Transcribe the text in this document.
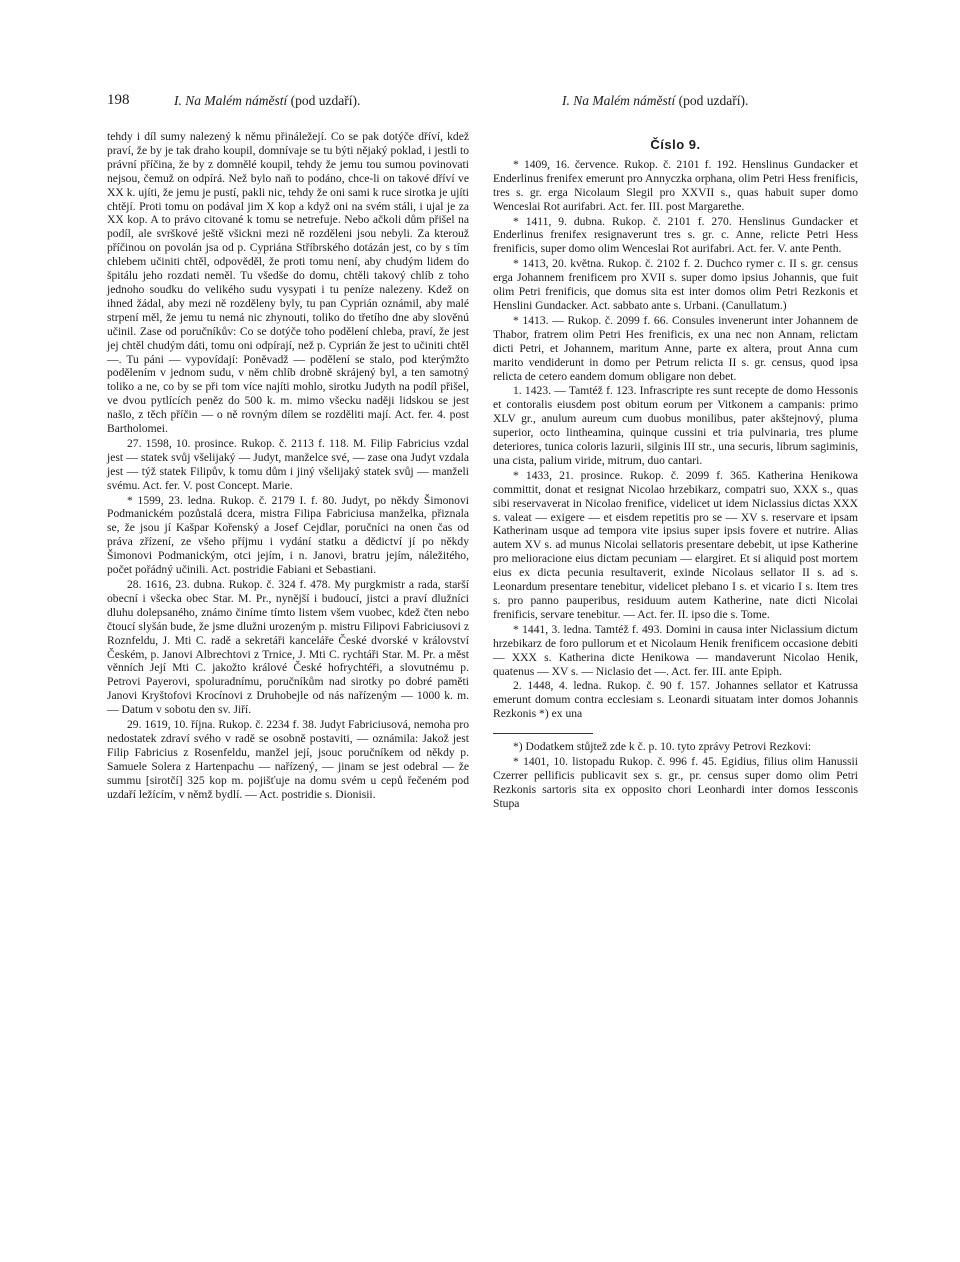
198	I. Na Malém náměstí (pod uzdaří).	I. Na Malém náměstí (pod uzdaří).

tehdy i díl sumy nalezený k němu přináležejí. Co se pak dotýče dříví, kdež praví, že by je tak draho koupil, domnívaje se tu býti nějaký poklad, i jestli to právní příčina, že by z domnělé koupil, tehdy že jemu tou sumou povinovati nejsou, čemuž on odpírá. Než bylo naň to podáno, chce-li on takové dříví ve XX k. ujíti, že jemu je pustí, pakli nic, tehdy že oni sami k ruce sirotka je ujíti chtějí. Proti tomu on podával jim X kop a když oni na svém stáli, i ujal je za XX kop. A to právo citované k tomu se netrefuje. Nebo ačkoli dům přišel na podíl, ale svrškové ještě všickni mezi ně rozděleni jsou nebyli. Za kterouž příčinou on povolán jsa od p. Cypriána Stříbrského dotázán jest, co by s tím chlebem učiniti chtěl, odpověděl, že proti tomu není, aby chudým lidem do špitálu jeho rozdati neměl. Tu všedše do domu, chtěli takový chlíb z toho jednoho soudku do velikého sudu vysypati i tu peníze nalezeny. Kdež on ihned žádal, aby mezi ně rozděleny byly, tu pan Cyprián oznámil, aby malé strpení měl, že jemu tu nemá nic zhynouti, toliko do třetího dne aby slověnú učinil. Zase od poručníkův: Co se dotýče toho podělení chleba, praví, že jest jej chtěl chudým dáti, tomu oni odpírají, než p. Cyprián že jest to učiniti chtěl —. Tu páni — vypovídají: Poněvadž — podělení se stalo, pod kterýmžto podělením v jednom sudu, v něm chlíb drobně skrájený byl, a ten samotný toliko a ne, co by se při tom více najíti mohlo, sirotku Judyth na podíl přišel, ve dvou pytlících peněz do 500 k. m. mimo všecku naději lidskou se jest našlo, z těch příčin — o ně rovným dílem se rozděliti mají. Act. fer. 4. post Bartholomei.

27. 1598, 10. prosince. Rukop. č. 2113 f. 118. M. Filip Fabricius vzdal jest — statek svůj všelijaký — Judyt, manželce své, — zase ona Judyt vzdala jest — týž statek Filipův, k tomu dům i jiný všelijaký statek svůj — manželi svému. Act. fer. V. post Concept. Marie.

* 1599, 23. ledna. Rukop. č. 2179 I. f. 80. Judyt, po někdy Šimonovi Podmanickém pozůstalá dcera, mistra Filipa Fabriciusa manželka, přiznala se, že jsou jí Kašpar Kořenský a Josef Cejdlar, poručníci na onen čas od práva zřízení, ze všeho příjmu i vydání statku a dědictví jí po někdy Šimonovi Podmanickým, otci jejím, i n. Janovi, bratru jejím, náležitého, počet pořádný učinili. Act. postridie Fabiani et Sebastiani.

28. 1616, 23. dubna. Rukop. č. 324 f. 478. My purgkmistr a rada, starší obecní i všecka obec Star. M. Pr., nynější i budoucí, jistci a praví dlužníci dluhu dolepsaného, známo činíme tímto listem všem vuobec, kdež čten nebo čtoucí slyšán bude, že jsme dlužni urozeným p. mistru Filipovi Fabriciusovi z Roznfeldu, J. Mti C. radě a sekretáři kanceláře České dvorské v království Českém, p. Janovi Albrechtovi z Trnice, J. Mti C. rychtáři Star. M. Pr. a měst věnních Její Mti C. jakožto králové České hofrychtéři, a slovutnému p. Petrovi Payerovi, spoluradnímu, poručníkům nad sirotky po dobré paměti Janovi Kryštofovi Krocínovi z Druhobejle od nás nařízeným — 1000 k. m. — Datum v sobotu den sv. Jiří.

29. 1619, 10. října. Rukop. č. 2234 f. 38. Judyt Fabriciusová, nemoha pro nedostatek zdraví svého v radě se osobně postaviti, — oznámila: Jakož jest Filip Fabricius z Rosenfeldu, manžel její, jsouc poručníkem od někdy p. Samuele Solera z Hartenpachu — nařízený, — jinam se jest odebral — že summu [sirotčí] 325 kop m. pojišťuje na domu svém u cepů řečeném pod uzdaří ležícím, v němž bydlí. — Act. postridie s. Dionisii.

Číslo 9.

* 1409, 16. července. Rukop. č. 2101 f. 192. Henslinus Gundacker et Enderlinus frenifex emerunt pro Annyczka orphana, olim Petri Hess frenificis, tres s. gr. erga Nicolaum Slegil pro XXVII s., quas habuit super domo Wenceslai Rot aurifabri. Act. fer. III. post Margarethe.

* 1411, 9. dubna. Rukop. č. 2101 f. 270. Henslinus Gundacker et Enderlinus frenifex resignaverunt tres s. gr. c. Anne, relicte Petri Hess frenificis, super domo olim Wenceslai Rot aurifabri. Act. fer. V. ante Penth.

* 1413, 20. května. Rukop. č. 2102 f. 2. Duchco rymer c. II s. gr. census erga Johannem frenificem pro XVII s. super domo ipsius Johannis, que fuit olim Petri frenificis, que domus sita est inter domos olim Petri Rezkonis et Henslini Gundacker. Act. sabbato ante s. Urbani. (Canullatum.)

* 1413. — Rukop. č. 2099 f. 66. Consules invenerunt inter Johannem de Thabor, fratrem olim Petri Hes frenificis, ex una nec non Annam, relictam dicti Petri, et Johannem, maritum Anne, parte ex altera, prout Anna cum marito vendiderunt in domo per Petrum relicta II s. gr. census, quod ipsa relicta de cetero eandem domum obligare non debet.

1. 1423. — Tamtéž f. 123. Infrascripte res sunt recepte de domo Hessonis et contoralis eiusdem post obitum eorum per Vitkonem a campanis: primo XLV gr., anulum aureum cum duobus monilibus, pater akštejnový, pluma superior, octo lintheamina, quinque cussini et tria pulvinaria, tres plume deteriores, tunica coloris lazurii, silginis III str., una securis, librum sagiminis, una cista, palium viride, mitrum, duo cantari.

* 1433, 21. prosince. Rukop. č. 2099 f. 365. Katherina Henikowa committit, donat et resignat Nicolao hrzebikarz, compatri suo, XXX s., quas sibi reservaverat in Nicolao frenifice, videlicet ut idem Niclassius dictas XXX s. valeat — exigere — et eisdem repetitis pro se — XV s. reservare et ipsam Katherinam usque ad tempora vite ipsius super ipsis fovere et nutrire. Alias autem XV s. ad munus Nicolai sellatoris presentare debebit, ut ipse Katherine pro melioracione eius dictam pecuniam — elargiret. Et si aliquid post mortem eius ex dicta pecunia resultaverit, exinde Nicolaus sellator II s. ad s. Leonardum presentare tenebitur, videlicet plebano I s. et vicario I s. Item tres s. pro panno pauperibus, residuum autem Katherine, nate dicti Nicolai frenificis, servare tenebitur. — Act. fer. II. ipso die s. Tome.

* 1441, 3. ledna. Tamtéž f. 493. Domini in causa inter Niclassium dictum hrzebikarz de foro pullorum et et Nicolaum Henik frenificem occasione debiti — XXX s. Katherina dicte Henikowa — mandaverunt Nicolao Henik, quatenus — XV s. — Niclasio det —. Act. fer. III. ante Epiph.

2. 1448, 4. ledna. Rukop. č. 90 f. 157. Johannes sellator et Katrussa emerunt domum contra ecclesiam s. Leonardi situatam inter domos Johannis Rezkonis *) ex una

*) Dodatkem stůjtež zde k č. p. 10. tyto zprávy Petrovi Rezkovi:

* 1401, 10. listopadu Rukop. č. 996 f. 45. Egidius, filius olim Hanussii Czerrer pellificis publicavit sex s. gr., pr. census super domo olim Petri Rezkonis sartoris sita ex opposito chori Leonhardi inter domos Iessconis Stupa
